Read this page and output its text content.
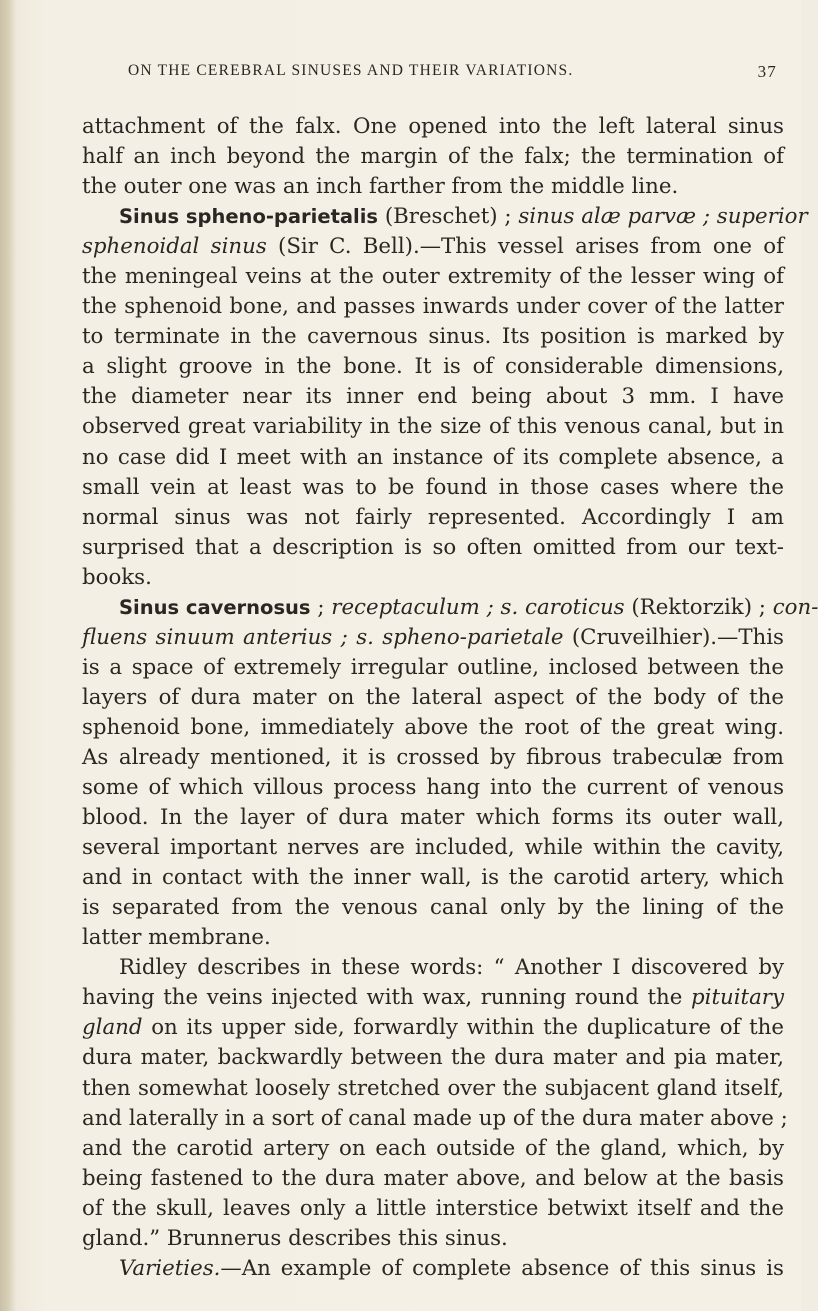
ON THE CEREBRAL SINUSES AND THEIR VARIATIONS.	37
attachment of the falx. One opened into the left lateral sinus
half an inch beyond the margin of the falx; the termination of
the outer one was an inch farther from the middle line.
Sinus spheno-parietalis (Breschet) ; sinus alæ parvæ ; superior
sphenoidal sinus (Sir C. Bell).—This vessel arises from one of
the meningeal veins at the outer extremity of the lesser wing of
the sphenoid bone, and passes inwards under cover of the latter
to terminate in the cavernous sinus. Its position is marked by
a slight groove in the bone. It is of considerable dimensions,
the diameter near its inner end being about 3 mm. I have
observed great variability in the size of this venous canal, but in
no case did I meet with an instance of its complete absence, a
small vein at least was to be found in those cases where the
normal sinus was not fairly represented. Accordingly I am
surprised that a description is so often omitted from our text-
books.
Sinus cavernosus ; receptaculum ; s. caroticus (Rektorzik) ; con-
fluens sinuum anterius ; s. spheno-parietale (Cruveilhier).—This
is a space of extremely irregular outline, inclosed between the
layers of dura mater on the lateral aspect of the body of the
sphenoid bone, immediately above the root of the great wing.
As already mentioned, it is crossed by fibrous trabeculæ from
some of which villous process hang into the current of venous
blood. In the layer of dura mater which forms its outer wall,
several important nerves are included, while within the cavity,
and in contact with the inner wall, is the carotid artery, which
is separated from the venous canal only by the lining of the
latter membrane.
Ridley describes in these words: “ Another I discovered by
having the veins injected with wax, running round the pituitary
gland on its upper side, forwardly within the duplicature of the
dura mater, backwardly between the dura mater and pia mater,
then somewhat loosely stretched over the subjacent gland itself,
and laterally in a sort of canal made up of the dura mater above ;
and the carotid artery on each outside of the gland, which, by
being fastened to the dura mater above, and below at the basis
of the skull, leaves only a little interstice betwixt itself and the
gland.” Brunnerus describes this sinus.
Varieties.—An example of complete absence of this sinus is
